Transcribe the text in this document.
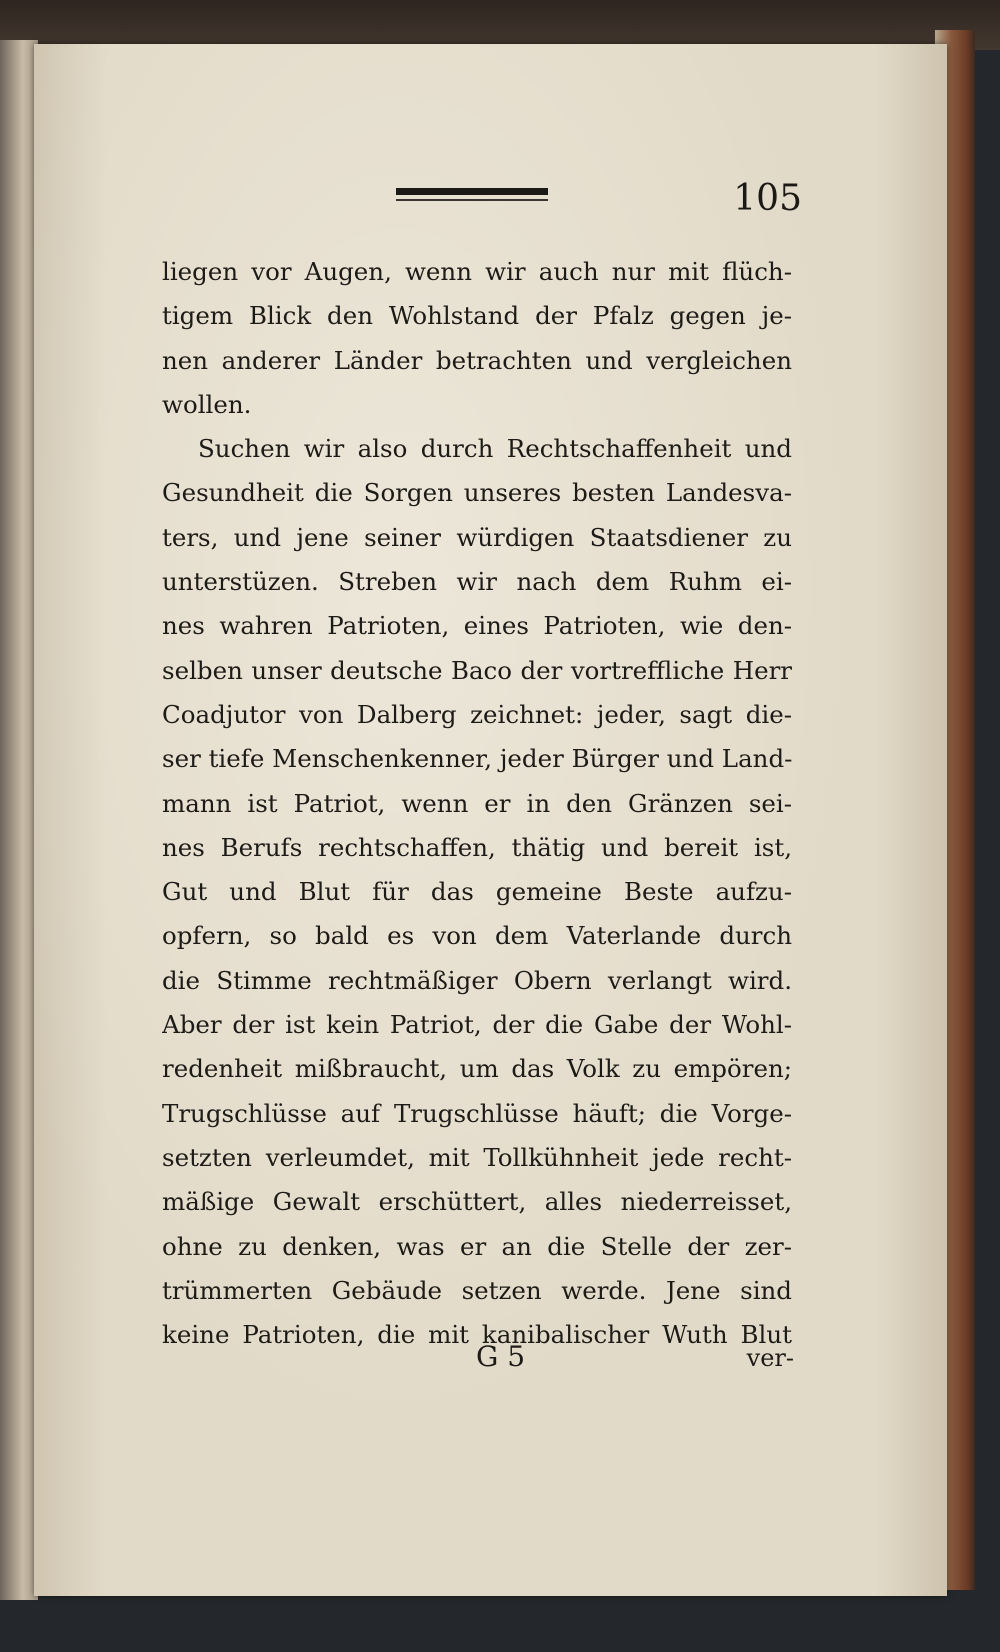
105
liegen vor Augen, wenn wir auch nur mit flüch-
tigem Blick den Wohlstand der Pfalz gegen je-
nen anderer Länder betrachten und vergleichen
wollen.
Suchen wir also durch Rechtschaffenheit und
Gesundheit die Sorgen unseres besten Landesva-
ters, und jene seiner würdigen Staatsdiener zu
unterstüzen. Streben wir nach dem Ruhm ei-
nes wahren Patrioten, eines Patrioten, wie den-
selben unser deutsche Baco der vortreffliche Herr
Coadjutor von Dalberg zeichnet: jeder, sagt die-
ser tiefe Menschenkenner, jeder Bürger und Land-
mann ist Patriot, wenn er in den Gränzen sei-
nes Berufs rechtschaffen, thätig und bereit ist,
Gut und Blut für das gemeine Beste aufzu-
opfern, so bald es von dem Vaterlande durch
die Stimme rechtmäßiger Obern verlangt wird.
Aber der ist kein Patriot, der die Gabe der Wohl-
redenheit mißbraucht, um das Volk zu empören;
Trugschlüsse auf Trugschlüsse häuft; die Vorge-
setzten verleumdet, mit Tollkühnheit jede recht-
mäßige Gewalt erschüttert, alles niederreisset,
ohne zu denken, was er an die Stelle der zer-
trümmerten Gebäude setzen werde. Jene sind
keine Patrioten, die mit kanibalischer Wuth Blut
G 5	ver-
